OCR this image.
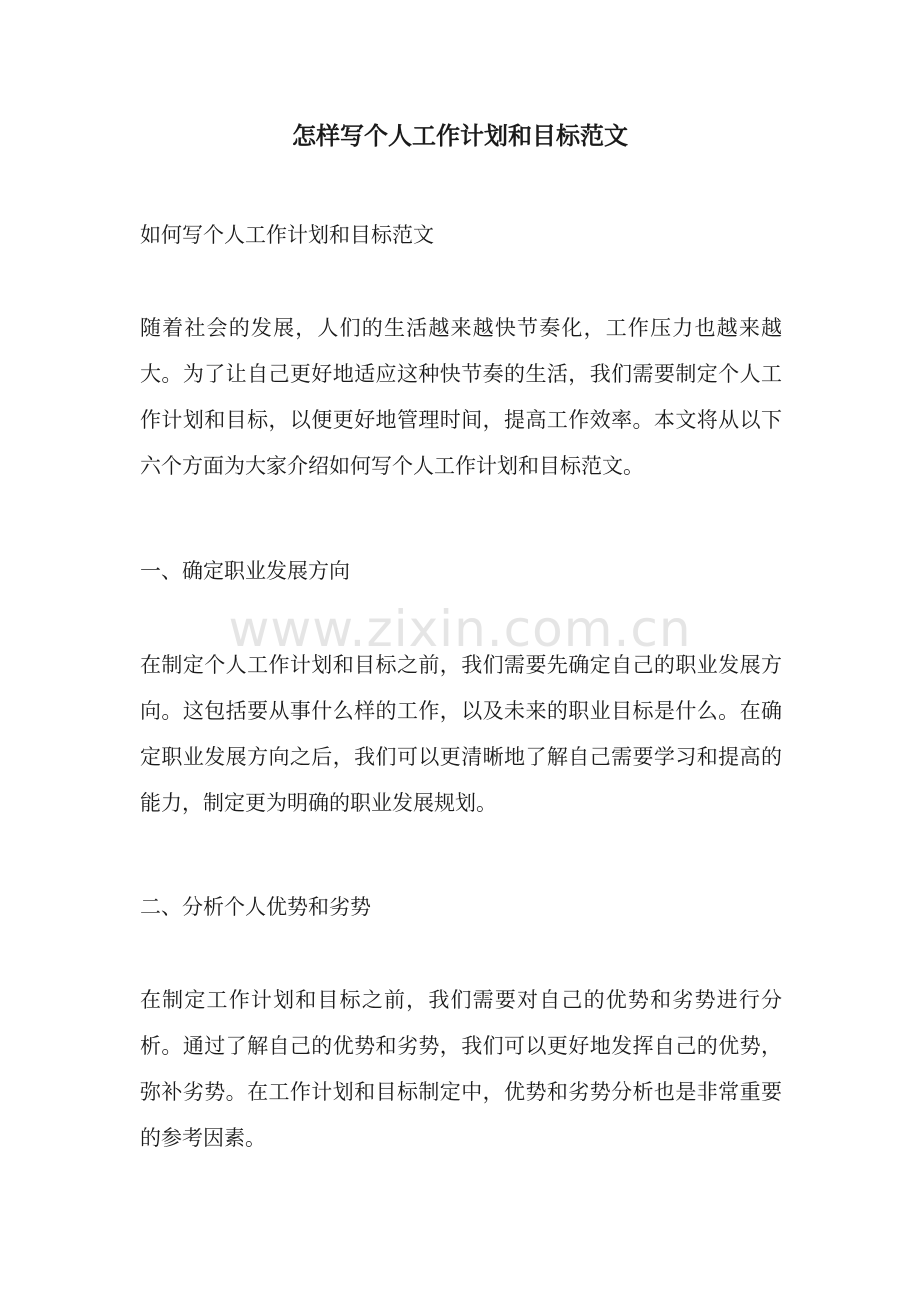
怎样写个人工作计划和目标范文

如何写个人工作计划和目标范文

随着社会的发展，人们的生活越来越快节奏化，工作压力也越来越大。为了让自己更好地适应这种快节奏的生活，我们需要制定个人工作计划和目标，以便更好地管理时间，提高工作效率。本文将从以下六个方面为大家介绍如何写个人工作计划和目标范文。

一、确定职业发展方向

在制定个人工作计划和目标之前，我们需要先确定自己的职业发展方向。这包括要从事什么样的工作，以及未来的职业目标是什么。在确定职业发展方向之后，我们可以更清晰地了解自己需要学习和提高的能力，制定更为明确的职业发展规划。

二、分析个人优势和劣势

在制定工作计划和目标之前，我们需要对自己的优势和劣势进行分析。通过了解自己的优势和劣势，我们可以更好地发挥自己的优势，弥补劣势。在工作计划和目标制定中，优势和劣势分析也是非常重要的参考因素。

www.zixin.com.cn
